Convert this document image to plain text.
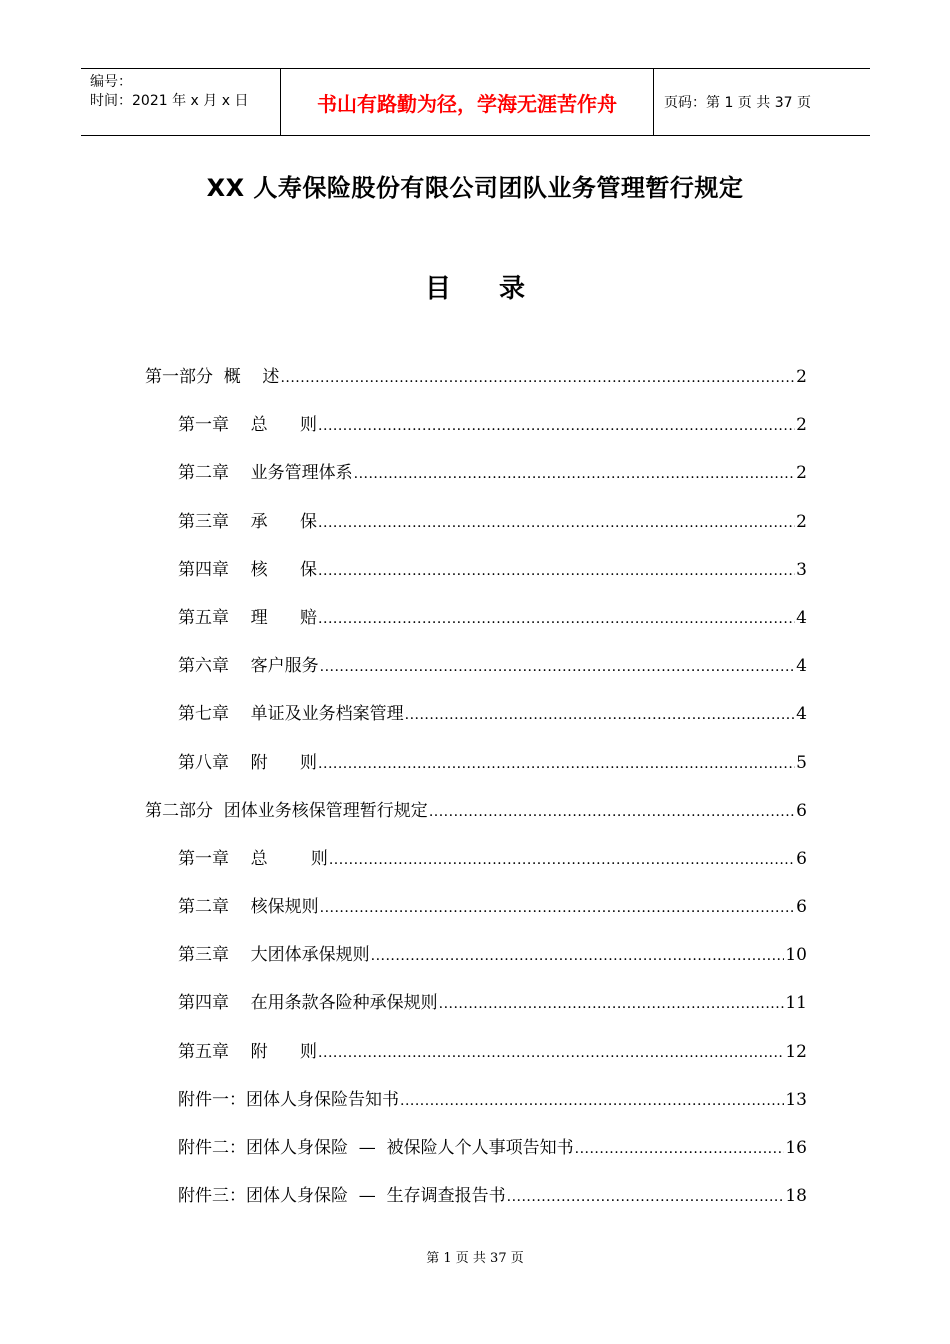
编号：
时间：2021 年 x 月 x 日	书山有路勤为径，学海无涯苦作舟	页码：第 1 页 共 37 页
XX 人寿保险股份有限公司团队业务管理暂行规定
目录
第一部分  概    述 .....	2
第一章    总      则 .....	2
第二章    业务管理体系 .....	2
第三章    承      保 .....	2
第四章    核      保 .....	3
第五章    理      赔 .....	4
第六章    客户服务 .....	4
第七章    单证及业务档案管理 .....	4
第八章    附      则 .....	5
第二部分  团体业务核保管理暂行规定 .....	6
第一章    总        则 .....	6
第二章    核保规则 .....	6
第三章    大团体承保规则 .....	10
第四章    在用条款各险种承保规则 .....	11
第五章    附      则 .....	12
附件一：团体人身保险告知书 .....	13
附件二：团体人身保险  —  被保险人个人事项告知书 .....	16
附件三：团体人身保险  —  生存调查报告书 .....	18
第 1 页 共 37 页
